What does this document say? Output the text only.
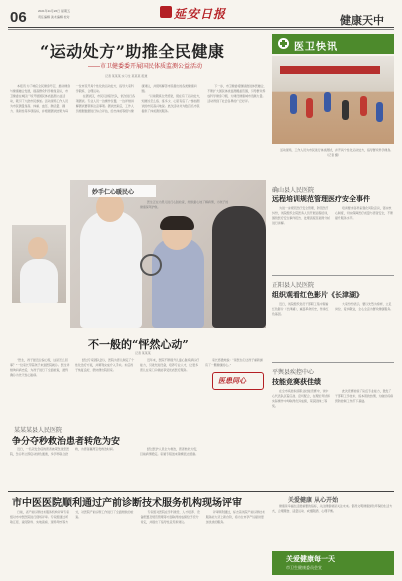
06	2021年11月26日 星期五
责任编辑 美术编辑 校对	延安日报	健康天中
“运动处方”助推全民健康
——市卫健委委开展国民体质监测公益活动
记者 某某某 实习生 某某某 报道

本报讯 为了响应全民健身号召，推动健身与健康融合发展，提高群众科学健身意识，市卫健委在城区广场开展国民体质监测公益活动，吸引了大批市民参加。活动现场工作人员为市民测量身高、体重、血压、肺活量、握力、柔韧性等多项指标，并根据测试结果为每一位市民开具个性化的运动处方，指导大家科学锻炼、合理运动。

在测试区，市民们排起长队，依次进行各项测试。专业人员一边操作仪器，一边详细讲解测试要领和注意事项。测试结束后，工作人员根据数据进行综合评估，给出体质等级与健康建议，并现场解答市民提出的各类健康问题。

“以前锻炼全凭感觉，现在有了运动处方，知道该怎么练、练多少，心里有底了。”参加测试的市民高兴地说。此次活动共为数百名市民提供了体质测试服务。

下一步，市卫健委将继续推进体医融合，不断扩大国民体质监测覆盖范围，引导群众养成科学健身习惯，为建设健康城市贡献力量。活动得到了社会各界的广泛好评。

医卫快讯

活动现场，工作人员为市民进行体质测试，并开具个性化运动处方，指导群众科学健身。（记者 摄）

确山县人民医院
远程培训规范管理医疗安全事件

为进一步规范医疗安全管理，防范医疗纠纷，该院组织全院医务人员开展远程培训，围绕医疗安全事件报告、处理流程及案例分析进行讲解。

培训要求各科室强化风险意识，落实核心制度，切实保障医疗质量与患者安全，不断提升服务水平。

正阳县人民医院
组织观看红色影片《长津湖》

近日，该院组织党员干部职工集中观看红色影片《长津湖》，重温革命历史，传承红色基因。

大家纷纷表示，要以先烈为榜样，立足岗位、爱岗敬业，全心全意为群众健康服务。

平舆县疾控中心
技能竞赛获佳绩

在全市疾控系统职业技能竞赛中，该中心代表队沉着应战、密切配合，在理论考试和实际操作中均取得优异成绩，荣获团体二等奖。

此次竞赛检验了队伍专业能力，激发了干部职工学技术、练本领的热情，为做好疾病预防控制工作打下基础。

妙手仁心暖民心

医生正在为患儿进行心脏检查，细致耐心地了解病情，为孩子的健康保驾护航。

不一般的“怦然心动”
记者 某某某

“医生，孩子最近总说心慌，这是怎么回事？”一位家长带着孩子来到医院就诊。医生详细询问病史后，为孩子进行了全面检查，最终确诊为先天性心脏病。

经过专家团队会诊，医院为患儿制定了个性化治疗方案，并顺利完成介入手术。术后孩子恢复良好，很快便出院回家。

近年来，医院不断提升儿童心脏疾病诊疗能力，引进先进设备，培养专业人才，让更多患儿在家门口就能享受优质医疗服务。

家长感激地说：“是医生们让孩子重新拥有了一颗健康的心。”

医患同心
某某某县人民医院
争分夺秒救治患者转危为安

近日，一名突发急症的患者被紧急送至医院，急诊科立即启动绿色通道，多学科联合抢救，为患者赢得宝贵救治时间。	经过医护人员全力救治，患者转危为安，目前病情稳定。家属专程送来锦旗表达感谢。

市中医医院顺利通过产前诊断技术服务机构现场评审

日前，省产前诊断技术服务机构评审专家组对市中医医院进行现场评审。专家组通过听取汇报、查阅资料、实地查看、现场考核等方式，对医院产前诊断工作进行了全面细致的检查。

专家组对医院在学科建设、人才培养、设备配置及规范管理等方面取得的成绩给予充分肯定，并提出了指导性意见和建议。

评审顺利通过，标志着该院产前诊断技术服务能力迈上新台阶，将为全市孕产妇提供更加优质的服务。

关爱健康 从心开始

健康是幸福生活最重要的指标，关注健康就是关注未来。倡导文明健康绿色环保的生活方式，合理膳食、适量运动、戒烟限酒、心理平衡。

关爱健康每一天
市卫生健康委员会宣
